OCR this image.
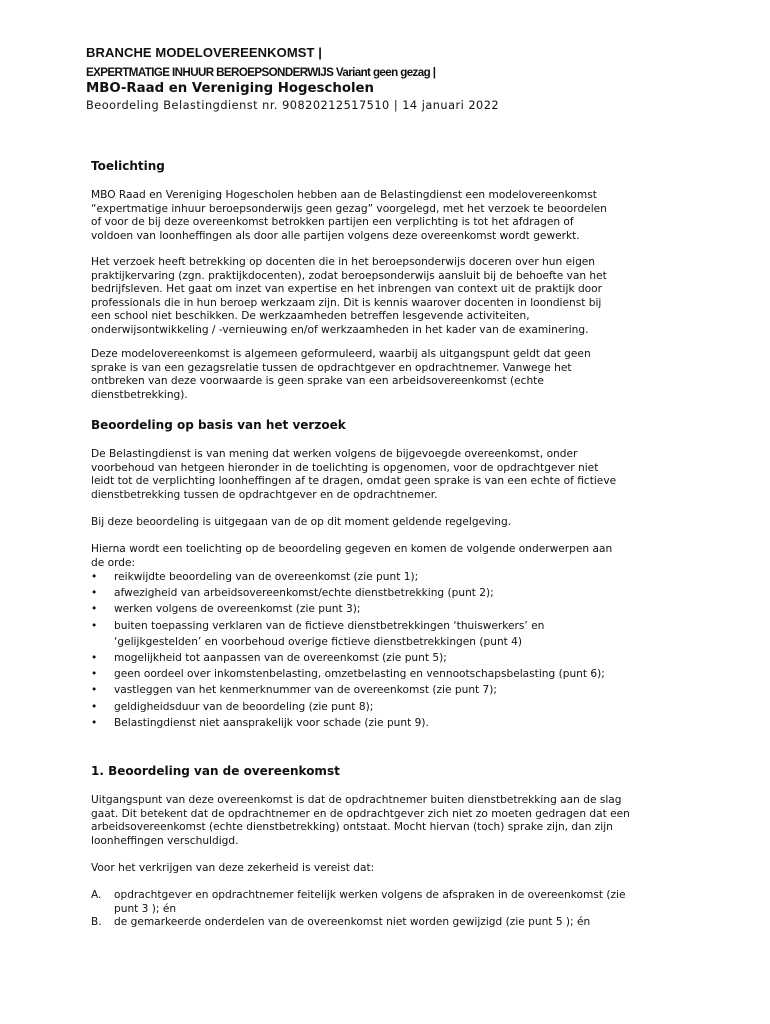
BRANCHE MODELOVEREENKOMST |
EXPERTMATIGE INHUUR BEROEPSONDERWIJS Variant geen gezag |
MBO-Raad en Vereniging Hogescholen
Beoordeling Belastingdienst nr. 90820212517510 | 14 januari 2022
Toelichting
MBO Raad en Vereniging Hogescholen hebben aan de Belastingdienst een modelovereenkomst
“expertmatige inhuur beroepsonderwijs geen gezag” voorgelegd, met het verzoek te beoordelen
of voor de bij deze overeenkomst betrokken partijen een verplichting is tot het afdragen of
voldoen van loonheffingen als door alle partijen volgens deze overeenkomst wordt gewerkt.
Het verzoek heeft betrekking op docenten die in het beroepsonderwijs doceren over hun eigen
praktijkervaring (zgn. praktijkdocenten), zodat beroepsonderwijs aansluit bij de behoefte van het
bedrijfsleven. Het gaat om inzet van expertise en het inbrengen van context uit de praktijk door
professionals die in hun beroep werkzaam zijn. Dit is kennis waarover docenten in loondienst bij
een school niet beschikken. De werkzaamheden betreffen lesgevende activiteiten,
onderwijsontwikkeling / -vernieuwing en/of werkzaamheden in het kader van de examinering.
Deze modelovereenkomst is algemeen geformuleerd, waarbij als uitgangspunt geldt dat geen
sprake is van een gezagsrelatie tussen de opdrachtgever en opdrachtnemer. Vanwege het
ontbreken van deze voorwaarde is geen sprake van een arbeidsovereenkomst (echte
dienstbetrekking).
Beoordeling op basis van het verzoek
De Belastingdienst is van mening dat werken volgens de bijgevoegde overeenkomst, onder
voorbehoud van hetgeen hieronder in de toelichting is opgenomen, voor de opdrachtgever niet
leidt tot de verplichting loonheffingen af te dragen, omdat geen sprake is van een echte of fictieve
dienstbetrekking tussen de opdrachtgever en de opdrachtnemer.
Bij deze beoordeling is uitgegaan van de op dit moment geldende regelgeving.
Hierna wordt een toelichting op de beoordeling gegeven en komen de volgende onderwerpen aan
de orde:
• reikwijdte beoordeling van de overeenkomst (zie punt 1);
• afwezigheid van arbeidsovereenkomst/echte dienstbetrekking (punt 2);
• werken volgens de overeenkomst (zie punt 3);
• buiten toepassing verklaren van de fictieve dienstbetrekkingen ‘thuiswerkers’ en
‘gelijkgestelden’ en voorbehoud overige fictieve dienstbetrekkingen (punt 4)
• mogelijkheid tot aanpassen van de overeenkomst (zie punt 5);
• geen oordeel over inkomstenbelasting, omzetbelasting en vennootschapsbelasting (punt 6);
• vastleggen van het kenmerknummer van de overeenkomst (zie punt 7);
• geldigheidsduur van de beoordeling (zie punt 8);
• Belastingdienst niet aansprakelijk voor schade (zie punt 9).
1. Beoordeling van de overeenkomst
Uitgangspunt van deze overeenkomst is dat de opdrachtnemer buiten dienstbetrekking aan de slag
gaat. Dit betekent dat de opdrachtnemer en de opdrachtgever zich niet zo moeten gedragen dat een
arbeidsovereenkomst (echte dienstbetrekking) ontstaat. Mocht hiervan (toch) sprake zijn, dan zijn
loonheffingen verschuldigd.
Voor het verkrijgen van deze zekerheid is vereist dat:
A. opdrachtgever en opdrachtnemer feitelijk werken volgens de afspraken in de overeenkomst (zie
punt 3 ); én
B. de gemarkeerde onderdelen van de overeenkomst niet worden gewijzigd (zie punt 5 ); én
